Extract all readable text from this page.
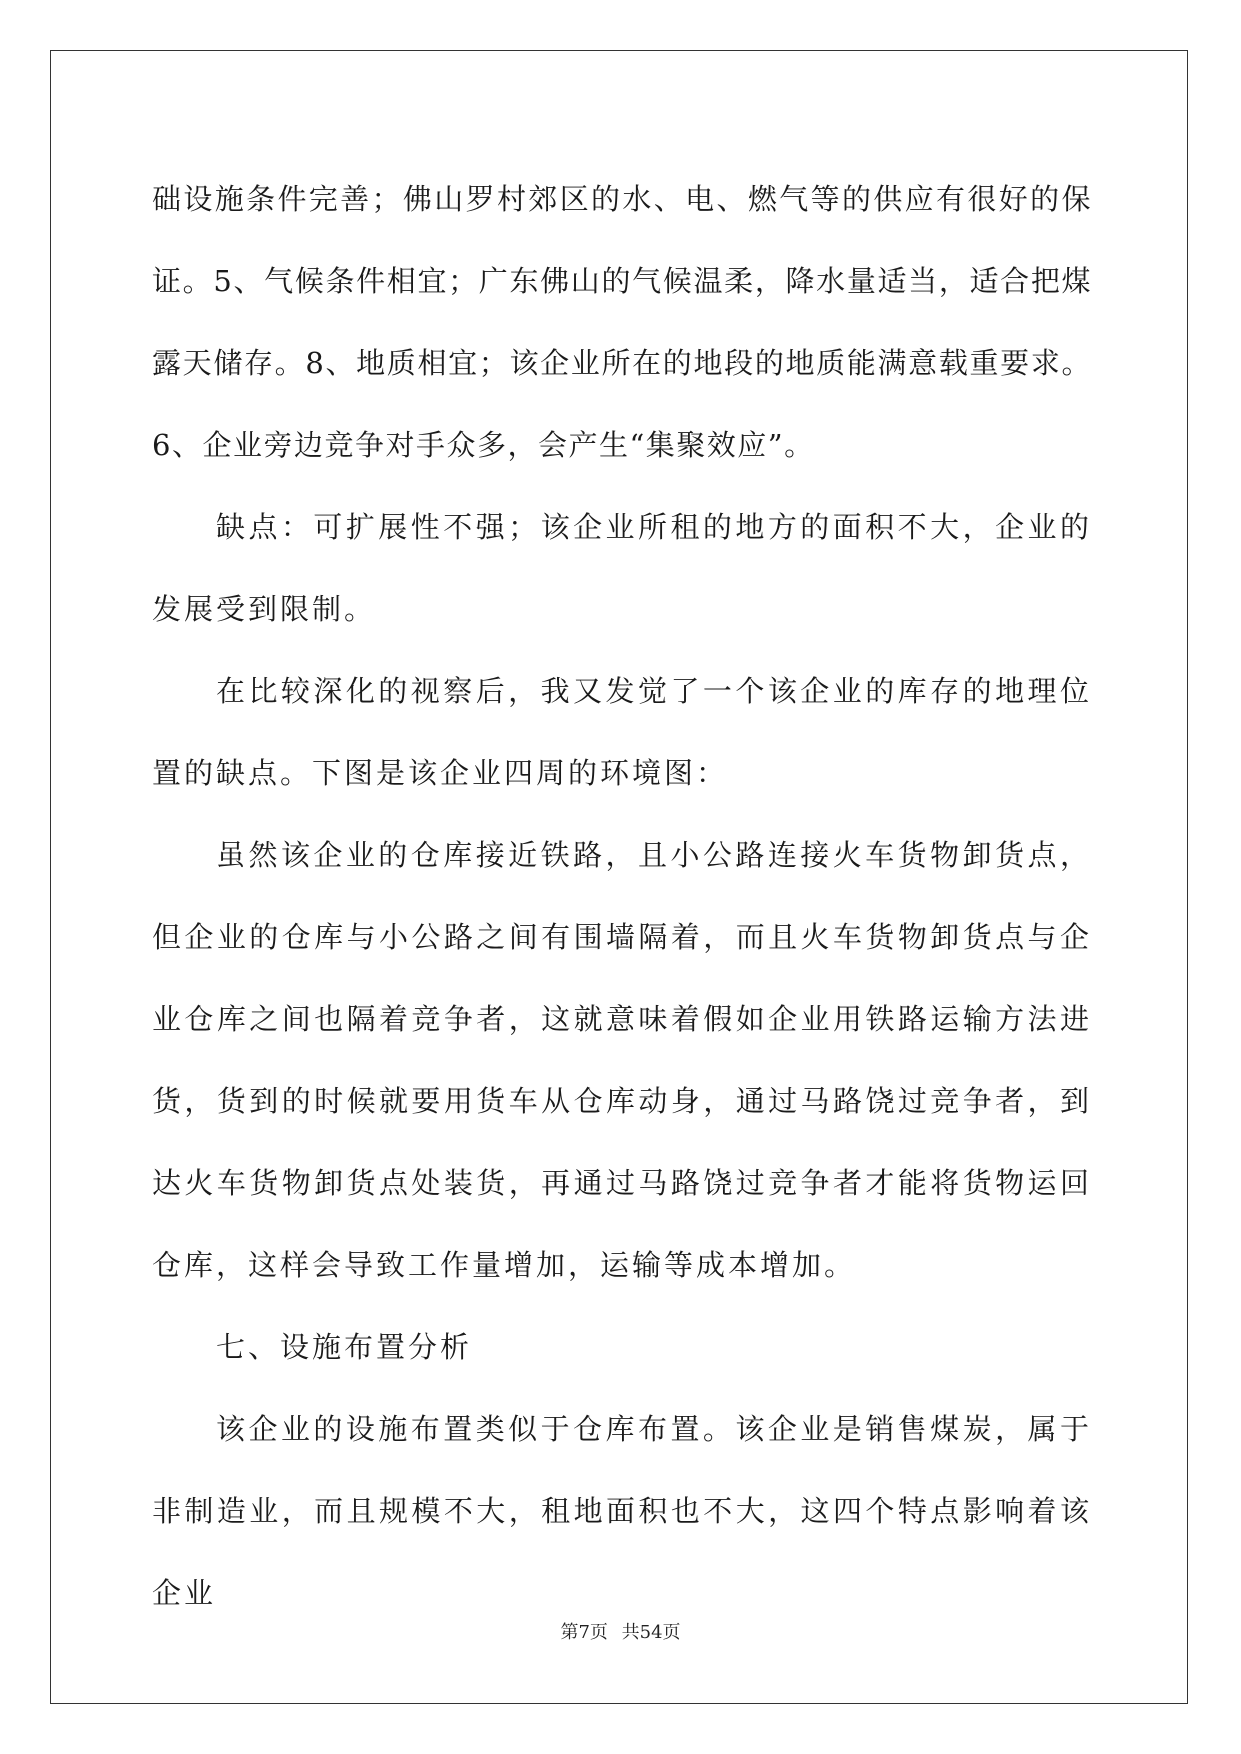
础设施条件完善；佛山罗村郊区的水、电、燃气等的供应有很好的保证。5、气候条件相宜；广东佛山的气候温柔，降水量适当，适合把煤露天储存。8、地质相宜；该企业所在的地段的地质能满意载重要求。6、企业旁边竞争对手众多，会产生“集聚效应”。

缺点：可扩展性不强；该企业所租的地方的面积不大，企业的发展受到限制。

在比较深化的视察后，我又发觉了一个该企业的库存的地理位置的缺点。下图是该企业四周的环境图：

虽然该企业的仓库接近铁路，且小公路连接火车货物卸货点，但企业的仓库与小公路之间有围墙隔着，而且火车货物卸货点与企业仓库之间也隔着竞争者，这就意味着假如企业用铁路运输方法进货，货到的时候就要用货车从仓库动身，通过马路饶过竞争者，到达火车货物卸货点处装货，再通过马路饶过竞争者才能将货物运回仓库，这样会导致工作量增加，运输等成本增加。

七、设施布置分析

该企业的设施布置类似于仓库布置。该企业是销售煤炭，属于非制造业，而且规模不大，租地面积也不大，这四个特点影响着该企业

第7页 共54页
